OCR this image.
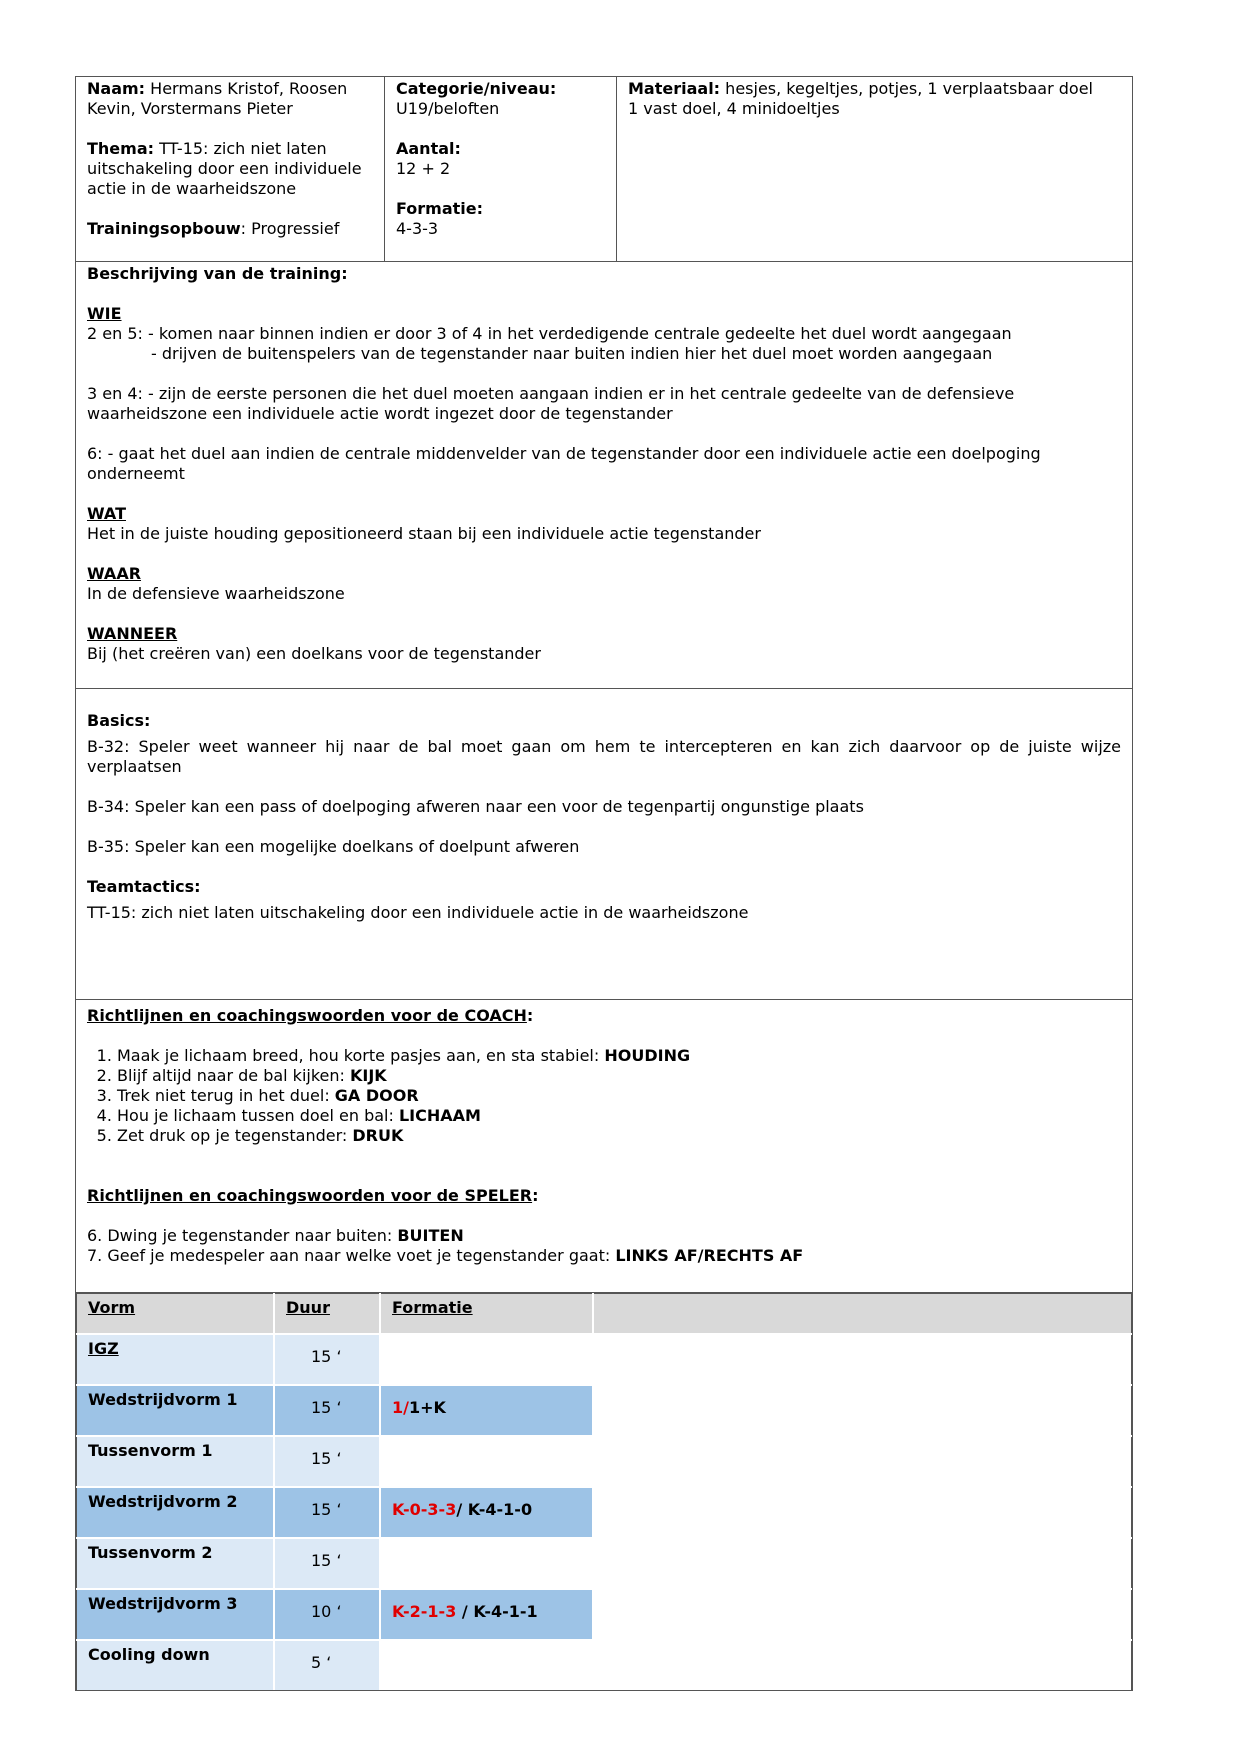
Naam: Hermans Kristof, Roosen Kevin, Vorstermans Pieter

Thema: TT-15: zich niet laten uitschakeling door een individuele actie in de waarheidszone

Trainingsopbouw: Progressief

Categorie/niveau:

U19/beloften

Aantal:

12 + 2

Formatie:

4-3-3

Materiaal: hesjes, kegeltjes, potjes, 1 verplaatsbaar doel

1 vast doel, 4 minidoeltjes

Beschrijving van de training:

WIE

2 en 5: - komen naar binnen indien er door 3 of 4 in het verdedigende centrale gedeelte het duel wordt aangegaan

- drijven de buitenspelers van de tegenstander naar buiten indien hier het duel moet worden aangegaan

3 en 4: - zijn de eerste personen die het duel moeten aangaan indien er in het centrale gedeelte van de defensieve waarheidszone een individuele actie wordt ingezet door de tegenstander

6: - gaat het duel aan indien de centrale middenvelder van de tegenstander door een individuele actie een doelpoging onderneemt

WAT

Het in de juiste houding gepositioneerd staan bij een individuele actie tegenstander

WAAR

In de defensieve waarheidszone

WANNEER

Bij (het creëren van) een doelkans voor de tegenstander

Basics:

B-32: Speler weet wanneer hij naar de bal moet gaan om hem te intercepteren en kan zich daarvoor op de juiste wijze verplaatsen

B-34: Speler kan een pass of doelpoging afweren naar een voor de tegenpartij ongunstige plaats

B-35: Speler kan een mogelijke doelkans of doelpunt afweren

Teamtactics:

TT-15: zich niet laten uitschakeling door een individuele actie in de waarheidszone

Richtlijnen en coachingswoorden voor de COACH:

1. Maak je lichaam breed, hou korte pasjes aan, en sta stabiel: HOUDING
2. Blijf altijd naar de bal kijken: KIJK
3. Trek niet terug in het duel: GA DOOR
4. Hou je lichaam tussen doel en bal: LICHAAM
5. Zet druk op je tegenstander: DRUK

Richtlijnen en coachingswoorden voor de SPELER:

6. Dwing je tegenstander naar buiten: BUITEN

7. Geef je medespeler aan naar welke voet je tegenstander gaat: LINKS AF/RECHTS AF

Vorm	Duur	Formatie	
IGZ	15 ‘		
Wedstrijdvorm 1	15 ‘	1/1+K	
Tussenvorm 1	15 ‘		
Wedstrijdvorm 2	15 ‘	K-0-3-3/ K-4-1-0	
Tussenvorm 2	15 ‘		
Wedstrijdvorm 3	10 ‘	K-2-1-3 / K-4-1-1	
Cooling down	5 ‘		
